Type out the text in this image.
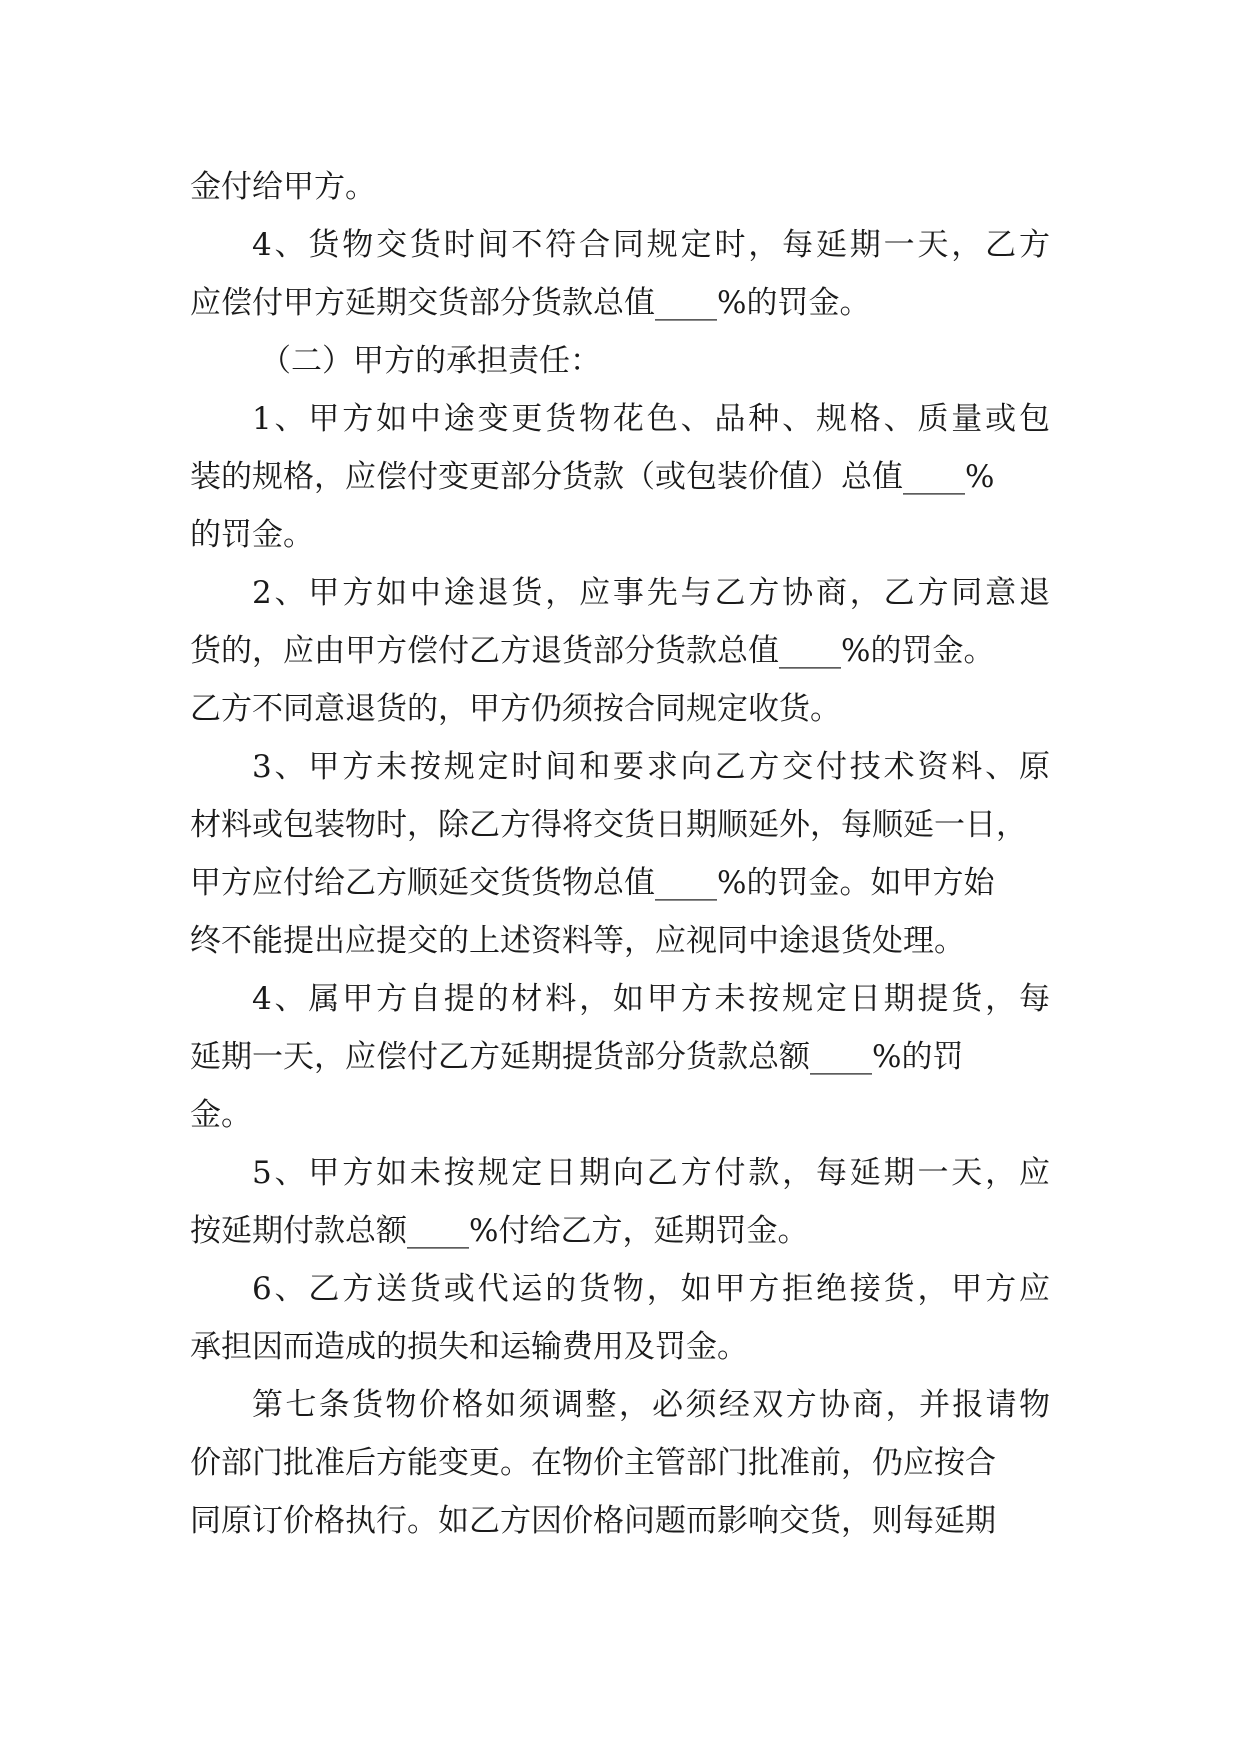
金付给甲方。
4、货物交货时间不符合同规定时，每延期一天，乙方
应偿付甲方延期交货部分货款总值____%的罚金。
（二）甲方的承担责任：
1、甲方如中途变更货物花色、品种、规格、质量或包
装的规格，应偿付变更部分货款（或包装价值）总值____%
的罚金。
2、甲方如中途退货，应事先与乙方协商，乙方同意退
货的，应由甲方偿付乙方退货部分货款总值____%的罚金。
乙方不同意退货的，甲方仍须按合同规定收货。
3、甲方未按规定时间和要求向乙方交付技术资料、原
材料或包装物时，除乙方得将交货日期顺延外，每顺延一日，
甲方应付给乙方顺延交货货物总值____%的罚金。如甲方始
终不能提出应提交的上述资料等，应视同中途退货处理。
4、属甲方自提的材料，如甲方未按规定日期提货，每
延期一天，应偿付乙方延期提货部分货款总额____%的罚
金。
5、甲方如未按规定日期向乙方付款，每延期一天，应
按延期付款总额____%付给乙方，延期罚金。
6、乙方送货或代运的货物，如甲方拒绝接货，甲方应
承担因而造成的损失和运输费用及罚金。
第七条货物价格如须调整，必须经双方协商，并报请物
价部门批准后方能变更。在物价主管部门批准前，仍应按合
同原订价格执行。如乙方因价格问题而影响交货，则每延期
